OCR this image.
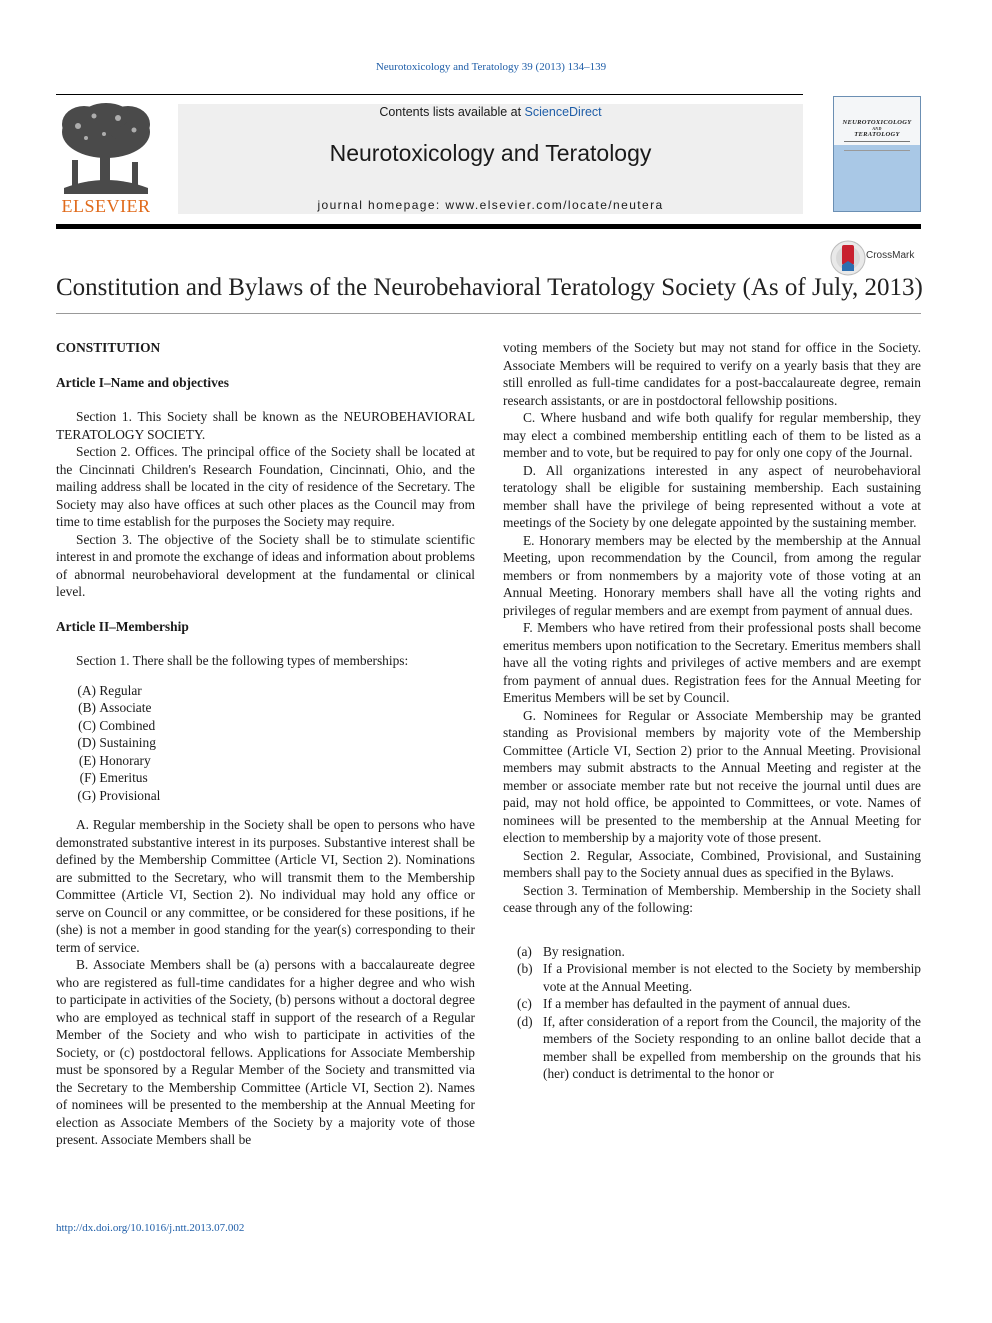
Neurotoxicology and Teratology 39 (2013) 134–139
ELSEVIER
Contents lists available at ScienceDirect
Neurotoxicology and Teratology
journal homepage: www.elsevier.com/locate/neutera
NEUROTOXICOLOGY
AND
TERATOLOGY
CrossMark
Constitution and Bylaws of the Neurobehavioral Teratology Society (As of July, 2013)
CONSTITUTION
Article I–Name and objectives

Section 1. This Society shall be known as the NEUROBEHAVIORAL TERATOLOGY SOCIETY.

Section 2. Offices. The principal office of the Society shall be located at the Cincinnati Children's Research Foundation, Cincinnati, Ohio, and the mailing address shall be located in the city of residence of the Secretary. The Society may also have offices at such other places as the Council may from time to time establish for the purposes the Society may require.

Section 3. The objective of the Society shall be to stimulate scientific interest in and promote the exchange of ideas and information about problems of abnormal neurobehavioral development at the fundamental or clinical level.

Article II–Membership

Section 1. There shall be the following types of memberships:

(A)
Regular
(B)
Associate
(C)
Combined
(D)
Sustaining
(E)
Honorary
(F)
Emeritus
(G)
Provisional

A. Regular membership in the Society shall be open to persons who have demonstrated substantive interest in its purposes. Substantive interest shall be defined by the Membership Committee (Article VI, Section 2). Nominations are submitted to the Secretary, who will transmit them to the Membership Committee (Article VI, Section 2). No individual may hold any office or serve on Council or any committee, or be considered for these positions, if he (she) is not a member in good standing for the year(s) corresponding to their term of service.

B. Associate Members shall be (a) persons with a baccalaureate degree who are registered as full-time candidates for a higher degree and who wish to participate in activities of the Society, (b) persons without a doctoral degree who are employed as technical staff in support of the research of a Regular Member of the Society and who wish to participate in activities of the Society, or (c) postdoctoral fellows. Applications for Associate Membership must be sponsored by a Regular Member of the Society and transmitted via the Secretary to the Membership Committee (Article VI, Section 2). Names of nominees will be presented to the membership at the Annual Meeting for election as Associate Members of the Society by a majority vote of those present. Associate Members shall be

voting members of the Society but may not stand for office in the Society. Associate Members will be required to verify on a yearly basis that they are still enrolled as full-time candidates for a post-baccalaureate degree, remain research assistants, or are in postdoctoral fellowship positions.

C. Where husband and wife both qualify for regular membership, they may elect a combined membership entitling each of them to be listed as a member and to vote, but be required to pay for only one copy of the Journal.

D. All organizations interested in any aspect of neurobehavioral teratology shall be eligible for sustaining membership. Each sustaining member shall have the privilege of being represented without a vote at meetings of the Society by one delegate appointed by the sustaining member.

E. Honorary members may be elected by the membership at the Annual Meeting, upon recommendation by the Council, from among the regular members or from nonmembers by a majority vote of those voting at an Annual Meeting. Honorary members shall have all the voting rights and privileges of regular members and are exempt from payment of annual dues.

F. Members who have retired from their professional posts shall become emeritus members upon notification to the Secretary. Emeritus members shall have all the voting rights and privileges of active members and are exempt from payment of annual dues. Registration fees for the Annual Meeting for Emeritus Members will be set by Council.

G. Nominees for Regular or Associate Membership may be granted standing as Provisional members by majority vote of the Membership Committee (Article VI, Section 2) prior to the Annual Meeting. Provisional members may submit abstracts to the Annual Meeting and register at the member or associate member rate but not receive the journal until dues are paid, may not hold office, be appointed to Committees, or vote. Names of nominees will be presented to the membership at the Annual Meeting for election to membership by a majority vote of those present.

Section 2. Regular, Associate, Combined, Provisional, and Sustaining members shall pay to the Society annual dues as specified in the Bylaws.

Section 3. Termination of Membership. Membership in the Society shall cease through any of the following:

(a) By resignation.
(b) If a Provisional member is not elected to the Society by membership vote at the Annual Meeting.
(c) If a member has defaulted in the payment of annual dues.
(d) If, after consideration of a report from the Council, the majority of the members of the Society responding to an online ballot decide that a member shall be expelled from membership on the grounds that his (her) conduct is detrimental to the honor or
http://dx.doi.org/10.1016/j.ntt.2013.07.002
